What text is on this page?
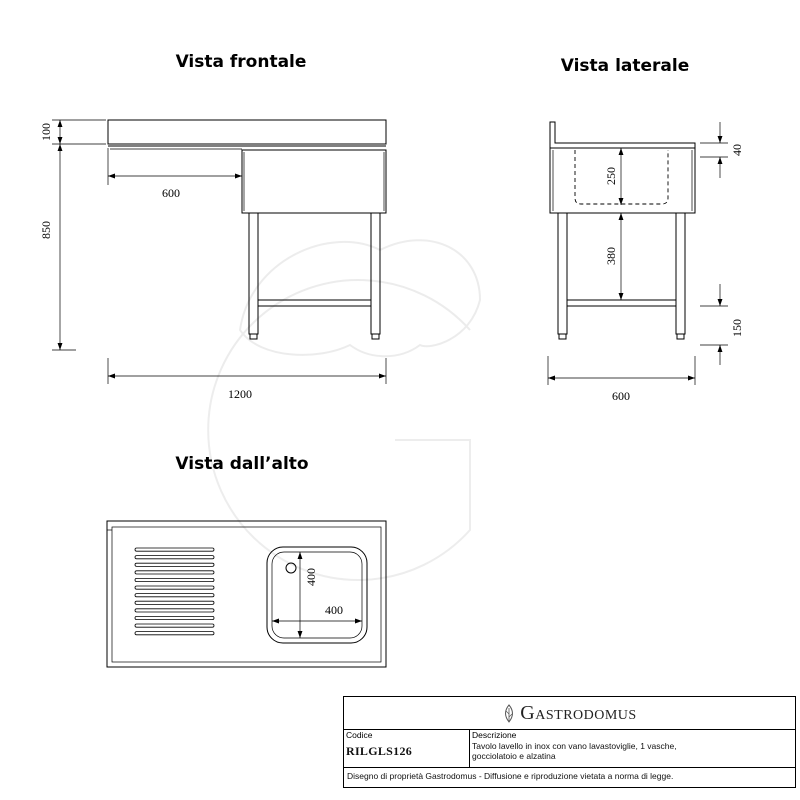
Vista frontale
100
850
600
1200
Vista laterale
250
380
40
150
600
Vista dall’alto
400
400
Gastrodomus
Codice
RILGLS126
Descrizione
Tavolo lavello in inox con vano lavastoviglie, 1 vasche, gocciolatoio e alzatina
Disegno di proprietà Gastrodomus - Diffusione e riproduzione vietata a norma di legge.
